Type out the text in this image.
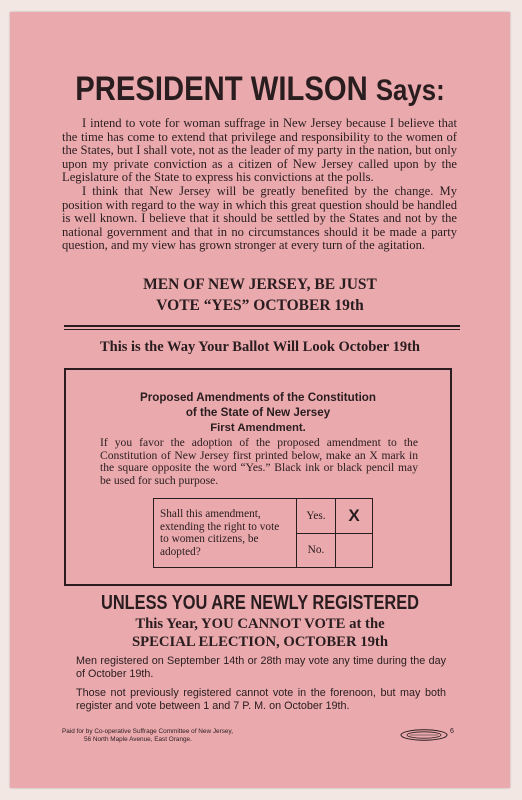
PRESIDENT WILSON Says:

I intend to vote for woman suffrage in New Jersey because I believe that the time has come to extend that privilege and responsibility to the women of the States, but I shall vote, not as the leader of my party in the nation, but only upon my private conviction as a citizen of New Jersey called upon by the Legislature of the State to express his convictions at the polls.

I think that New Jersey will be greatly benefited by the change. My position with regard to the way in which this great question should be handled is well known. I believe that it should be settled by the States and not by the national government and that in no circumstances should it be made a party question, and my view has grown stronger at every turn of the agitation.

MEN OF NEW JERSEY, BE JUST
VOTE “YES” OCTOBER 19th
This is the Way Your Ballot Will Look October 19th
Proposed Amendments of the Constitution
of the State of New Jersey
First Amendment.
If you favor the adoption of the proposed amendment to the Constitution of New Jersey first printed below, make an X mark in the square opposite the word “Yes.” Black ink or black pencil may be used for such purpose.
Shall this amendment, extending the right to vote to women citizens, be adopted?	Yes.	X
	No.	
UNLESS YOU ARE NEWLY REGISTERED
This Year, YOU CANNOT VOTE at the
SPECIAL ELECTION, OCTOBER 19th

Men registered on September 14th or 28th may vote any time during the day of October 19th.

Those not previously registered cannot vote in the forenoon, but may both register and vote between 1 and 7 P. M. on October 19th.

Paid for by Co-operative Suffrage Committee of New Jersey,
56 North Maple Avenue, East Orange.
6
